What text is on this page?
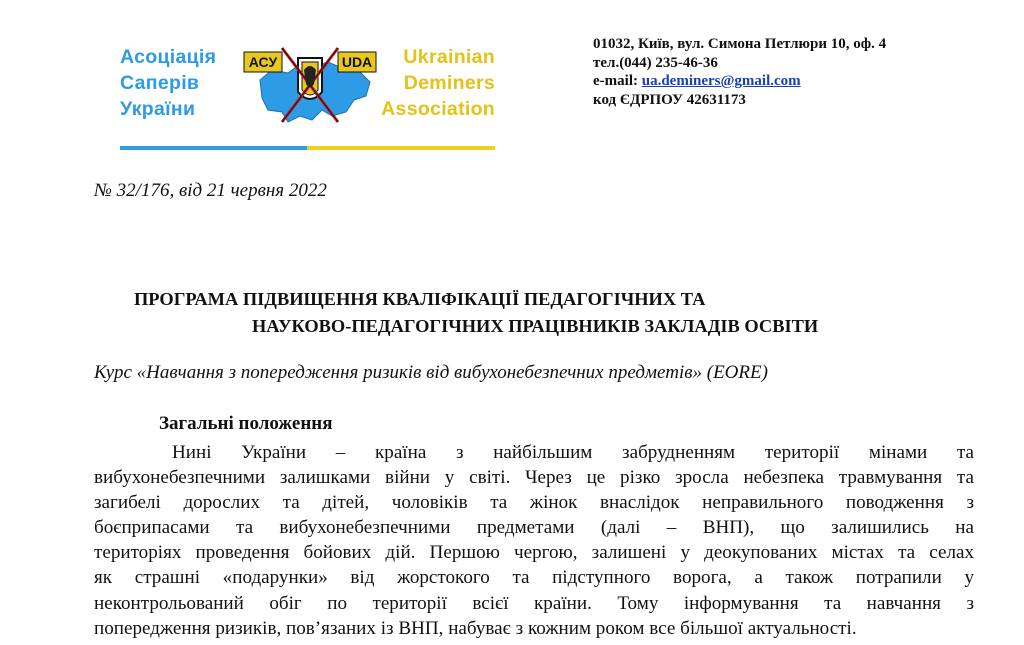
Асоціація
Саперів
України
АСУ	UDA	Ukrainian
Deminers
Association
01032, Київ, вул. Симона Петлюри 10, оф. 4
тел.(044) 235-46-36
e-mail: ua.deminers@gmail.com
код ЄДРПОУ 42631173
№ 32/176, від 21 червня 2022
ПРОГРАМА ПІДВИЩЕННЯ КВАЛІФІКАЦІЇ ПЕДАГОГІЧНИХ ТА
НАУКОВО-ПЕДАГОГІЧНИХ ПРАЦІВНИКІВ ЗАКЛАДІВ ОСВІТИ
Курс «Навчання з попередження ризиків від вибухонебезпечних предметів» (EORE)
Загальні положення
Нині України – країна з найбільшим забрудненням території мінами та
вибухонебезпечними залишками війни у світі. Через це різко зросла небезпека травмування та
загибелі дорослих та дітей, чоловіків та жінок внаслідок неправильного поводження з
боєприпасами та вибухонебезпечними предметами (далі – ВНП), що залишились на
територіях проведення бойових дій. Першою чергою, залишені у деокупованих містах та селах
як страшні «подарунки» від жорстокого та підступного ворога, а також потрапили у
неконтрольований обіг по території всієї країни. Тому інформування та навчання з
попередження ризиків, пов’язаних із ВНП, набуває з кожним роком все більшої актуальності.
